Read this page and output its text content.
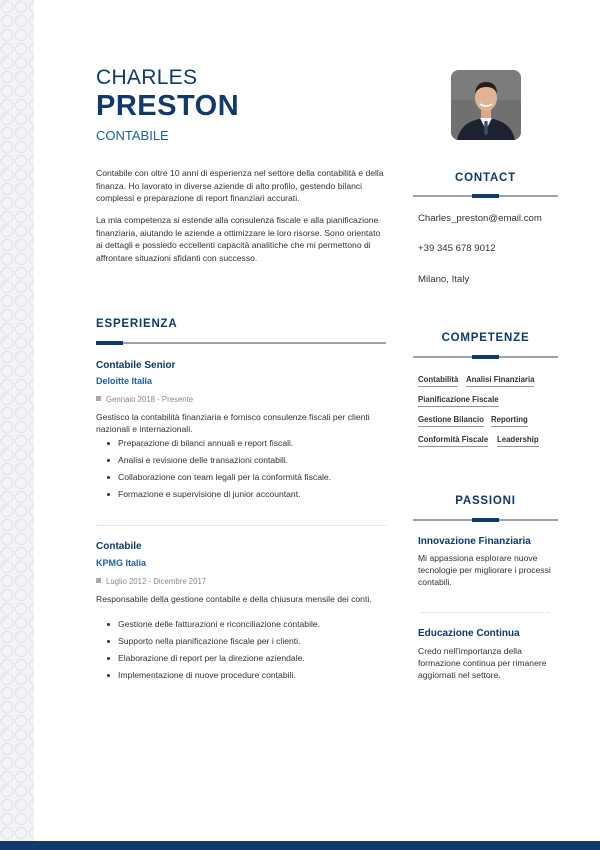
CHARLES
PRESTON
CONTABILE

Contabile con oltre 10 anni di esperienza nel settore della contabilità e della finanza. Ho lavorato in diverse aziende di alto profilo, gestendo bilanci complessi e preparazione di report finanziari accurati.

La mia competenza si estende alla consulenza fiscale e alla pianificazione finanziaria, aiutando le aziende a ottimizzare le loro risorse. Sono orientato ai dettagli e possiedo eccellenti capacità analitiche che mi permettono di affrontare situazioni sfidanti con successo.

CONTACT
Charles_preston@email.com
+39 345 678 9012
Milano, Italy
ESPERIENZA
Contabile Senior
Deloitte Italia
Gennaio 2018 - Presente

Gestisco la contabilità finanziaria e fornisco consulenze fiscali per clienti nazionali e internazionali.

Preparazione di bilanci annuali e report fiscali.
Analisi e revisione delle transazioni contabili.
Collaborazione con team legali per la conformità fiscale.
Formazione e supervisione di junior accountant.
Contabile
KPMG Italia
Luglio 2012 - Dicembre 2017

Responsabile della gestione contabile e della chiusura mensile dei conti.

Gestione delle fatturazioni e riconciliazione contabile.
Supporto nella pianificazione fiscale per i clienti.
Elaborazione di report per la direzione aziendale.
Implementazione di nuove procedure contabili.
COMPETENZE
Contabilità Analisi Finanziaria
Pianificazione Fiscale
Gestione Bilancio Reporting
Conformità Fiscale Leadership
PASSIONI
Innovazione Finanziaria

Mi appassiona esplorare nuove tecnologie per migliorare i processi contabili.

Educazione Continua

Credo nell'importanza della formazione continua per rimanere aggiornati nel settore.
